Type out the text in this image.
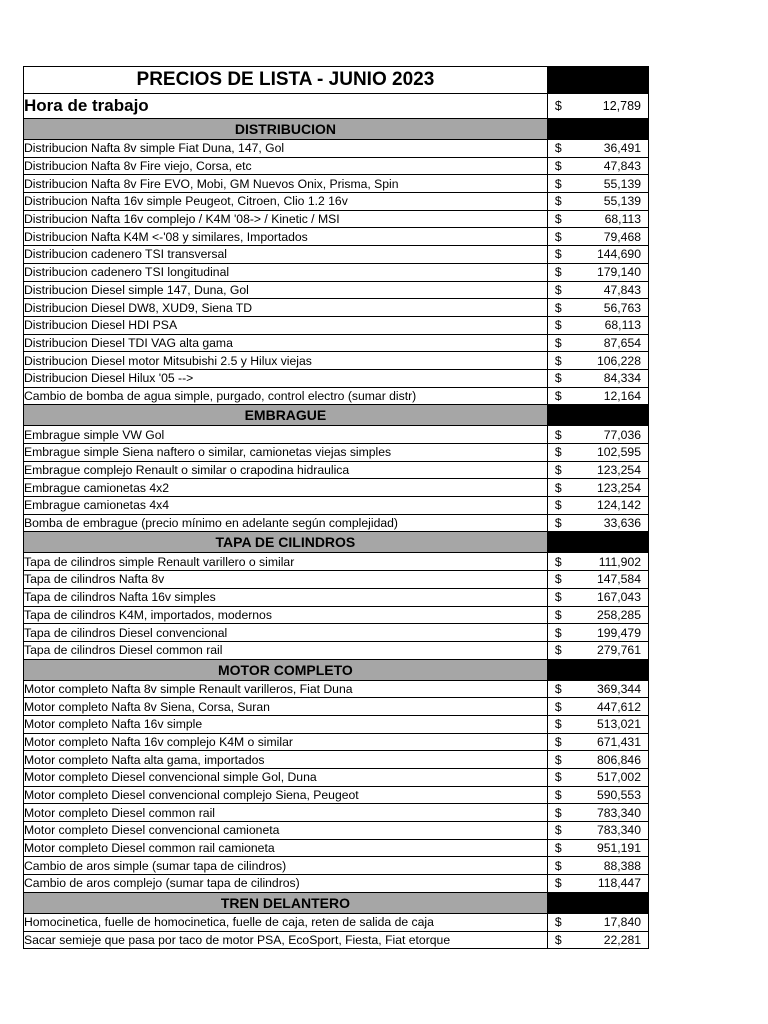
PRECIOS DE LISTA - JUNIO 2023	
Hora de trabajo	$ 12,789

DISTRIBUCION	
Distribucion Nafta 8v simple Fiat Duna, 147, Gol	$ 36,491

Distribucion Nafta 8v Fire viejo, Corsa, etc	$ 47,843

Distribucion Nafta 8v Fire EVO, Mobi, GM Nuevos Onix, Prisma, Spin	$ 55,139

Distribucion Nafta 16v simple Peugeot, Citroen, Clio 1.2 16v	$ 55,139

Distribucion Nafta 16v complejo / K4M '08-> / Kinetic / MSI	$ 68,113

Distribucion Nafta K4M <-'08 y similares, Importados	$ 79,468

Distribucion cadenero TSI transversal	$ 144,690

Distribucion cadenero TSI longitudinal	$ 179,140

Distribucion Diesel simple 147, Duna, Gol	$ 47,843

Distribucion Diesel DW8, XUD9, Siena TD	$ 56,763

Distribucion Diesel HDI PSA	$ 68,113

Distribucion Diesel TDI VAG alta gama	$ 87,654

Distribucion Diesel motor Mitsubishi 2.5 y Hilux viejas	$ 106,228

Distribucion Diesel Hilux '05 -->	$ 84,334

Cambio de bomba de agua simple, purgado, control electro (sumar distr)	$ 12,164

EMBRAGUE	
Embrague simple VW Gol	$ 77,036

Embrague simple Siena naftero o similar, camionetas viejas simples	$ 102,595

Embrague complejo Renault o similar o crapodina hidraulica	$ 123,254

Embrague camionetas 4x2	$ 123,254

Embrague camionetas 4x4	$ 124,142

Bomba de embrague (precio mínimo en adelante según complejidad)	$ 33,636

TAPA DE CILINDROS	
Tapa de cilindros simple Renault varillero o similar	$ 111,902

Tapa de cilindros Nafta 8v	$ 147,584

Tapa de cilindros Nafta 16v simples	$ 167,043

Tapa de cilindros K4M, importados, modernos	$ 258,285

Tapa de cilindros Diesel convencional	$ 199,479

Tapa de cilindros Diesel common rail	$ 279,761

MOTOR COMPLETO	
Motor completo Nafta 8v simple Renault varilleros, Fiat Duna	$ 369,344

Motor completo Nafta 8v Siena, Corsa, Suran	$ 447,612

Motor completo Nafta 16v simple	$ 513,021

Motor completo Nafta 16v complejo K4M o similar	$ 671,431

Motor completo Nafta alta gama, importados	$ 806,846

Motor completo Diesel convencional simple Gol, Duna	$ 517,002

Motor completo Diesel convencional complejo Siena, Peugeot	$ 590,553

Motor completo Diesel common rail	$ 783,340

Motor completo Diesel convencional camioneta	$ 783,340

Motor completo Diesel common rail camioneta	$ 951,191

Cambio de aros simple (sumar tapa de cilindros)	$ 88,388

Cambio de aros complejo (sumar tapa de cilindros)	$ 118,447

TREN DELANTERO	
Homocinetica, fuelle de homocinetica, fuelle de caja, reten de salida de caja	$ 17,840

Sacar semieje que pasa por taco de motor PSA, EcoSport, Fiesta, Fiat etorque	$ 22,281
